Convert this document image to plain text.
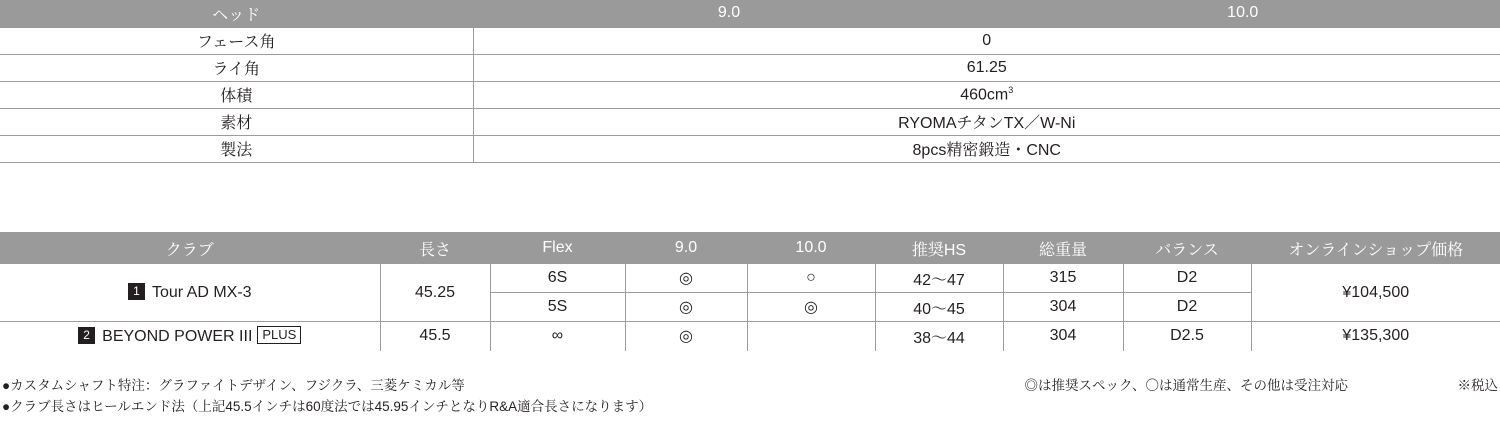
ヘッド	9.0	10.0
フェース角	0	
ライ角	61.25	
体積	$460cm^3$
素材	RYOMAチタンTX／W-Ni	
製法	8pcs精密鍛造・CNC	
クラブ	長さ	Flex	9.0	10.0	推奨HS	総重量	バランス	オンラインショップ価格
1 Tour AD MX-3	45.25	6S	◎	○	42〜47	315	D2	¥104,500
		5S	◎	◎	40〜45	304	D2	
2 BEYOND POWER III PLUS	45.5	∞	◎		38〜44	304	D2.5	¥135,300
●カスタムシャフト特注：グラファイトデザイン、フジクラ、三菱ケミカル等	◎は推奨スペック、〇は通常生産、その他は受注対応	※税込
●クラブ長さはヒールエンド法（上記45.5インチは60度法では45.95インチとなりR&A適合長さになります）
